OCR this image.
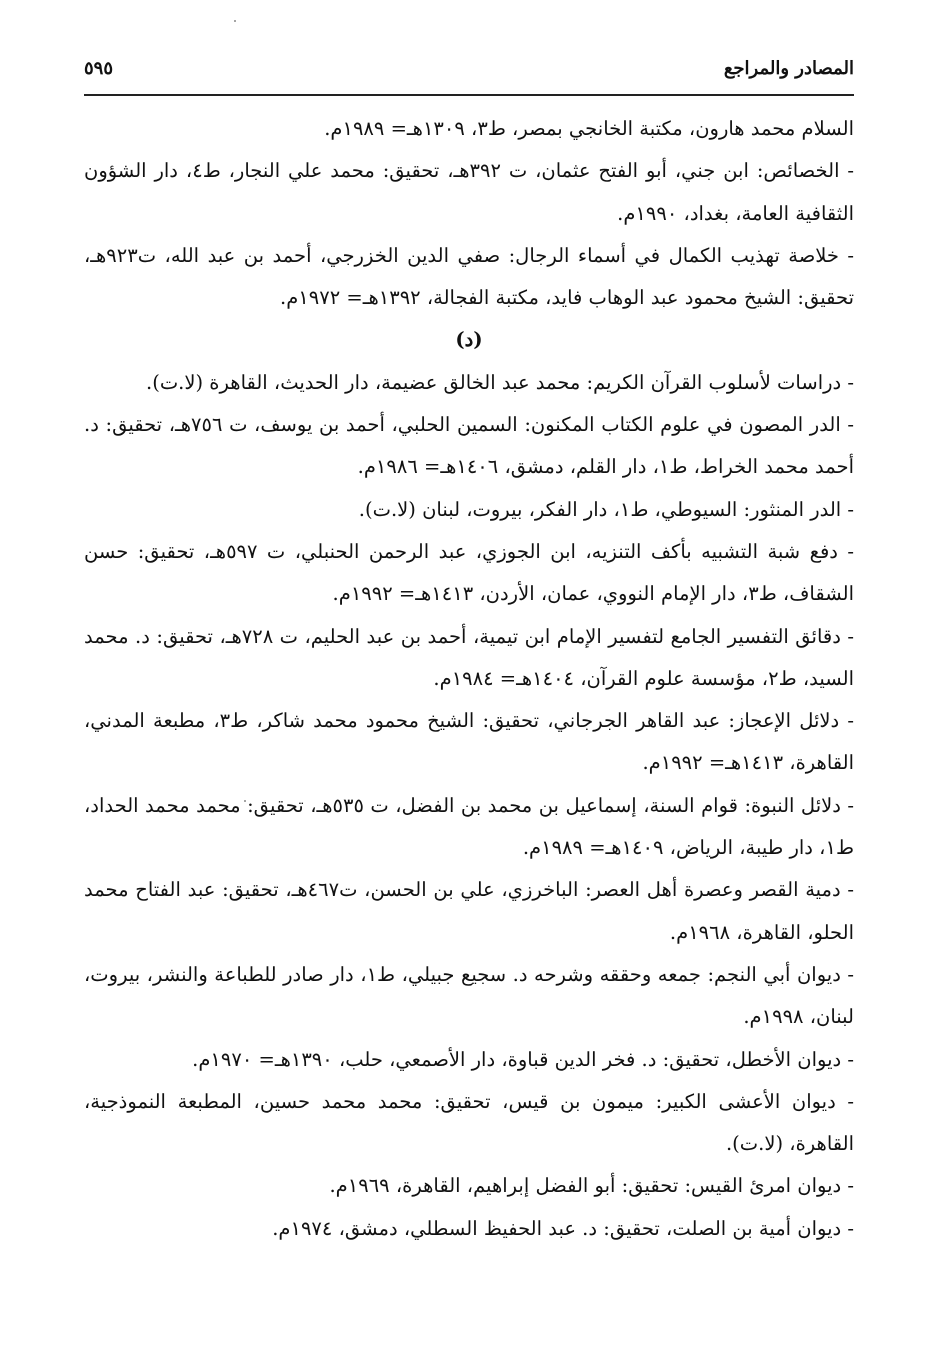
المصادر والمراجع
٥٩٥

السلام محمد هارون، مكتبة الخانجي بمصر، ط٣، ١٣٠٩هـ= ١٩٨٩م.

- الخصائص: ابن جني، أبو الفتح عثمان، ت ٣٩٢هـ، تحقيق: محمد علي النجار، ط٤، دار الشؤون الثقافية العامة، بغداد، ١٩٩٠م.

- خلاصة تهذيب الكمال في أسماء الرجال: صفي الدين الخزرجي، أحمد بن عبد الله، ت٩٢٣هـ، تحقيق: الشيخ محمود عبد الوهاب فايد، مكتبة الفجالة، ١٣٩٢هـ= ١٩٧٢م.

(د)

- دراسات لأسلوب القرآن الكريم: محمد عبد الخالق عضيمة، دار الحديث، القاهرة (لا.ت).

- الدر المصون في علوم الكتاب المكنون: السمين الحلبي، أحمد بن يوسف، ت ٧٥٦هـ، تحقيق: د. أحمد محمد الخراط، ط١، دار القلم، دمشق، ١٤٠٦هـ= ١٩٨٦م.

- الدر المنثور: السيوطي، ط١، دار الفكر، بيروت، لبنان (لا.ت).

- دفع شبة التشبيه بأكف التنزيه، ابن الجوزي، عبد الرحمن الحنبلي، ت ٥٩٧هـ، تحقيق: حسن الشقاف، ط٣، دار الإمام النووي، عمان، الأردن، ١٤١٣هـ= ١٩٩٢م.

- دقائق التفسير الجامع لتفسير الإمام ابن تيمية، أحمد بن عبد الحليم، ت ٧٢٨هـ، تحقيق: د. محمد السيد، ط٢، مؤسسة علوم القرآن، ١٤٠٤هـ= ١٩٨٤م.

- دلائل الإعجاز: عبد القاهر الجرجاني، تحقيق: الشيخ محمود محمد شاكر، ط٣، مطبعة المدني، القاهرة، ١٤١٣هـ= ١٩٩٢م.

- دلائل النبوة: قوام السنة، إسماعيل بن محمد بن الفضل، ت ٥٣٥هـ، تحقيق: محمد محمد الحداد، ط١، دار طيبة، الرياض، ١٤٠٩هـ= ١٩٨٩م.

- دمية القصر وعصرة أهل العصر: الباخرزي، علي بن الحسن، ت٤٦٧هـ، تحقيق: عبد الفتاح محمد الحلو، القاهرة، ١٩٦٨م.

- ديوان أبي النجم: جمعه وحققه وشرحه د. سجيع جبيلي، ط١، دار صادر للطباعة والنشر، بيروت، لبنان، ١٩٩٨م.

- ديوان الأخطل، تحقيق: د. فخر الدين قباوة، دار الأصمعي، حلب، ١٣٩٠هـ= ١٩٧٠م.

- ديوان الأعشى الكبير: ميمون بن قيس، تحقيق: محمد محمد حسين، المطبعة النموذجية، القاهرة، (لا.ت).

- ديوان امرئ القيس: تحقيق: أبو الفضل إبراهيم، القاهرة، ١٩٦٩م.

- ديوان أمية بن الصلت، تحقيق: د. عبد الحفيظ السطلي، دمشق، ١٩٧٤م.
